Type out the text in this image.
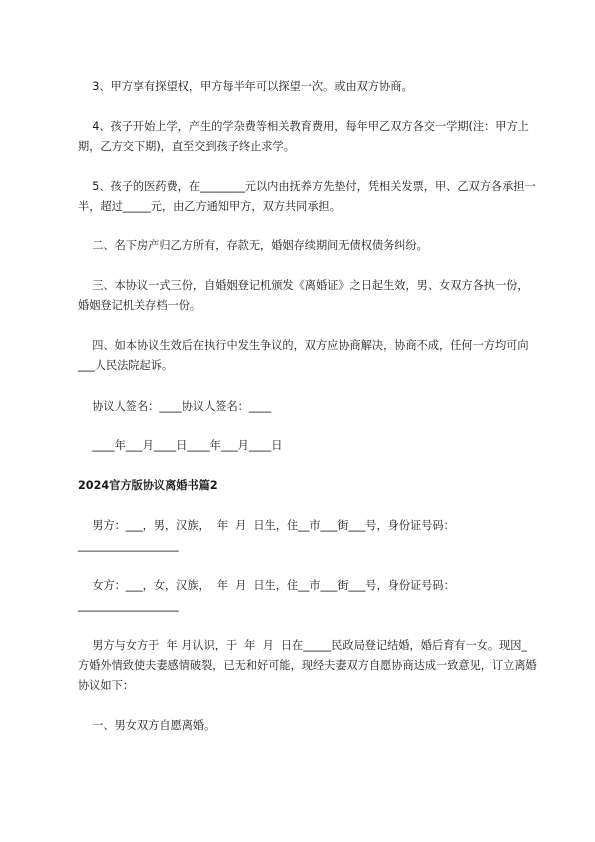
3、甲方享有探望权，甲方每半年可以探望一次。或由双方协商。

4、孩子开始上学，产生的学杂费等相关教育费用，每年甲乙双方各交一学期(注：甲方上期，乙方交下期)，直至交到孩子终止求学。

5、孩子的医药费，在________元以内由抚养方先垫付，凭相关发票，甲、乙双方各承担一半，超过_____元，由乙方通知甲方，双方共同承担。

二、名下房产归乙方所有，存款无，婚姻存续期间无债权债务纠纷。

三、本协议一式三份，自婚姻登记机颁发《离婚证》之日起生效，男、女双方各执一份，婚姻登记机关存档一份。

四、如本协议生效后在执行中发生争议的，双方应协商解决，协商不成，任何一方均可向___人民法院起诉。

协议人签名：____协议人签名：____

____年___月____日____年___月____日

2024官方版协议离婚书篇2

男方：___，男，汉族，  年  月  日生，住__市___街___号，身份证号码：__________________

女方：___，女，汉族，  年  月  日生，住__市___街___号，身份证号码：__________________

男方与女方于  年 月认识，于  年  月  日在_____民政局登记结婚，婚后育有一女。现因_方婚外情致使夫妻感情破裂，已无和好可能，现经夫妻双方自愿协商达成一致意见，订立离婚协议如下：

一、男女双方自愿离婚。
